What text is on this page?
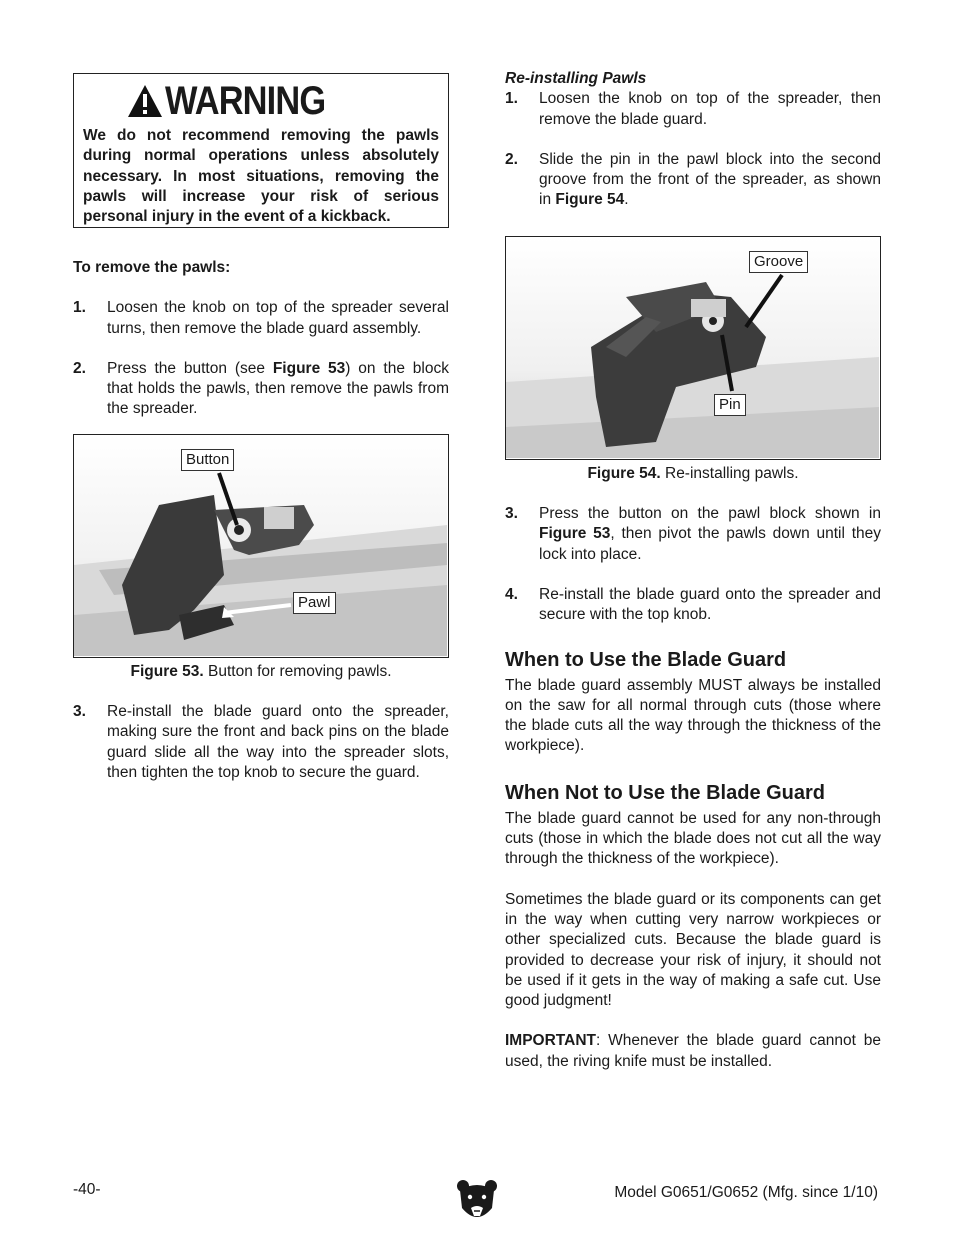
WARNING
We do not recommend removing the pawls during normal operations unless absolutely necessary. In most situations, removing the pawls will increase your risk of serious personal injury in the event of a kickback.
To remove the pawls:
1.	Loosen the knob on top of the spreader several turns, then remove the blade guard assembly.
2.	Press the button (see Figure 53) on the block that holds the pawls, then remove the pawls from the spreader.
Button
Pawl
Figure 53. Button for removing pawls.
3.	Re-install the blade guard onto the spreader, making sure the front and back pins on the blade guard slide all the way into the spreader slots, then tighten the top knob to secure the guard.
Re-installing Pawls
1.	Loosen the knob on top of the spreader, then remove the blade guard.
2.	Slide the pin in the pawl block into the second groove from the front of the spreader, as shown in Figure 54.
Groove
Pin
Figure 54. Re-installing pawls.
3.	Press the button on the pawl block shown in Figure 53, then pivot the pawls down until they lock into place.
4.	Re-install the blade guard onto the spreader and secure with the top knob.
When to Use the Blade Guard
The blade guard assembly MUST always be installed on the saw for all normal through cuts (those where the blade cuts all the way through the thickness of the workpiece).
When Not to Use the Blade Guard
The blade guard cannot be used for any non-through cuts (those in which the blade does not cut all the way through the thickness of the workpiece).
Sometimes the blade guard or its components can get in the way when cutting very narrow workpieces or other specialized cuts. Because the blade guard is provided to decrease your risk of injury, it should not be used if it gets in the way of making a safe cut. Use good judgment!
IMPORTANT: Whenever the blade guard cannot be used, the riving knife must be installed.
-40-	Model G0651/G0652 (Mfg. since 1/10)
